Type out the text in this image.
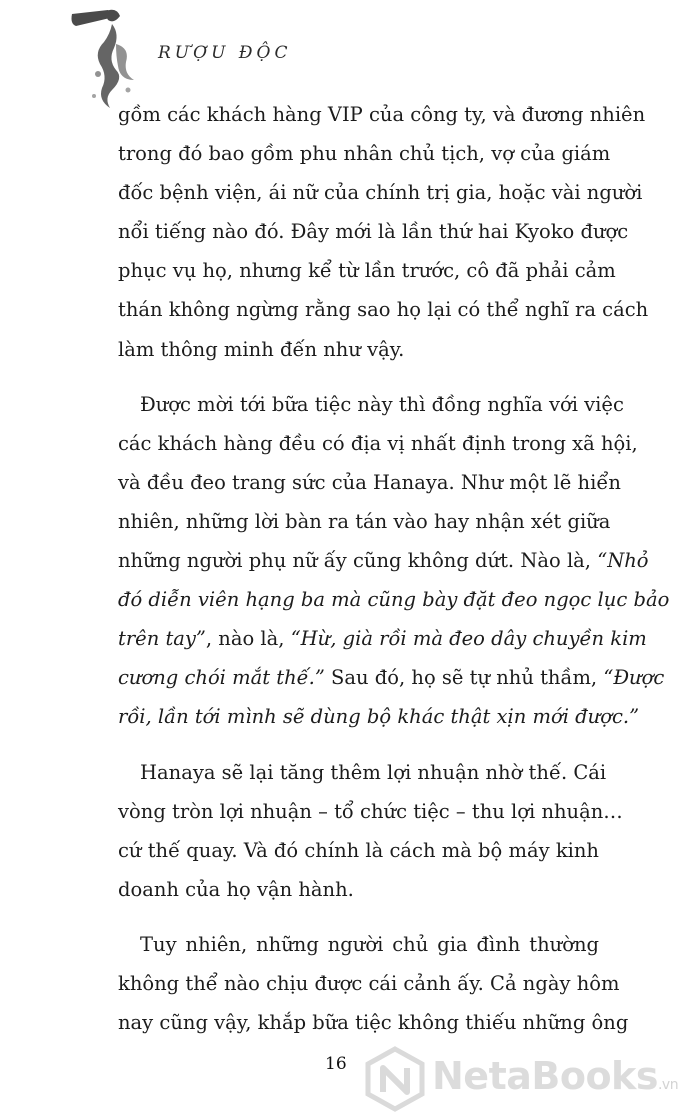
RƯỢU ĐỘC
gồm các khách hàng VIP của công ty, và đương nhiên
trong đó bao gồm phu nhân chủ tịch, vợ của giám
đốc bệnh viện, ái nữ của chính trị gia, hoặc vài người
nổi tiếng nào đó. Đây mới là lần thứ hai Kyoko được
phục vụ họ, nhưng kể từ lần trước, cô đã phải cảm
thán không ngừng rằng sao họ lại có thể nghĩ ra cách
làm thông minh đến như vậy.
Được mời tới bữa tiệc này thì đồng nghĩa với việc
các khách hàng đều có địa vị nhất định trong xã hội,
và đều đeo trang sức của Hanaya. Như một lẽ hiển
nhiên, những lời bàn ra tán vào hay nhận xét giữa
những người phụ nữ ấy cũng không dứt. Nào là, “Nhỏ
đó diễn viên hạng ba mà cũng bày đặt đeo ngọc lục bảo
trên tay”, nào là, “Hừ, già rồi mà đeo dây chuyền kim
cương chói mắt thế.” Sau đó, họ sẽ tự nhủ thầm, “Được
rồi, lần tới mình sẽ dùng bộ khác thật xịn mới được.”
Hanaya sẽ lại tăng thêm lợi nhuận nhờ thế. Cái
vòng tròn lợi nhuận – tổ chức tiệc – thu lợi nhuận…
cứ thế quay. Và đó chính là cách mà bộ máy kinh
doanh của họ vận hành.
Tuy nhiên, những người chủ gia đình thường
không thể nào chịu được cái cảnh ấy. Cả ngày hôm
nay cũng vậy, khắp bữa tiệc không thiếu những ông
16 NetaBooks.vn
